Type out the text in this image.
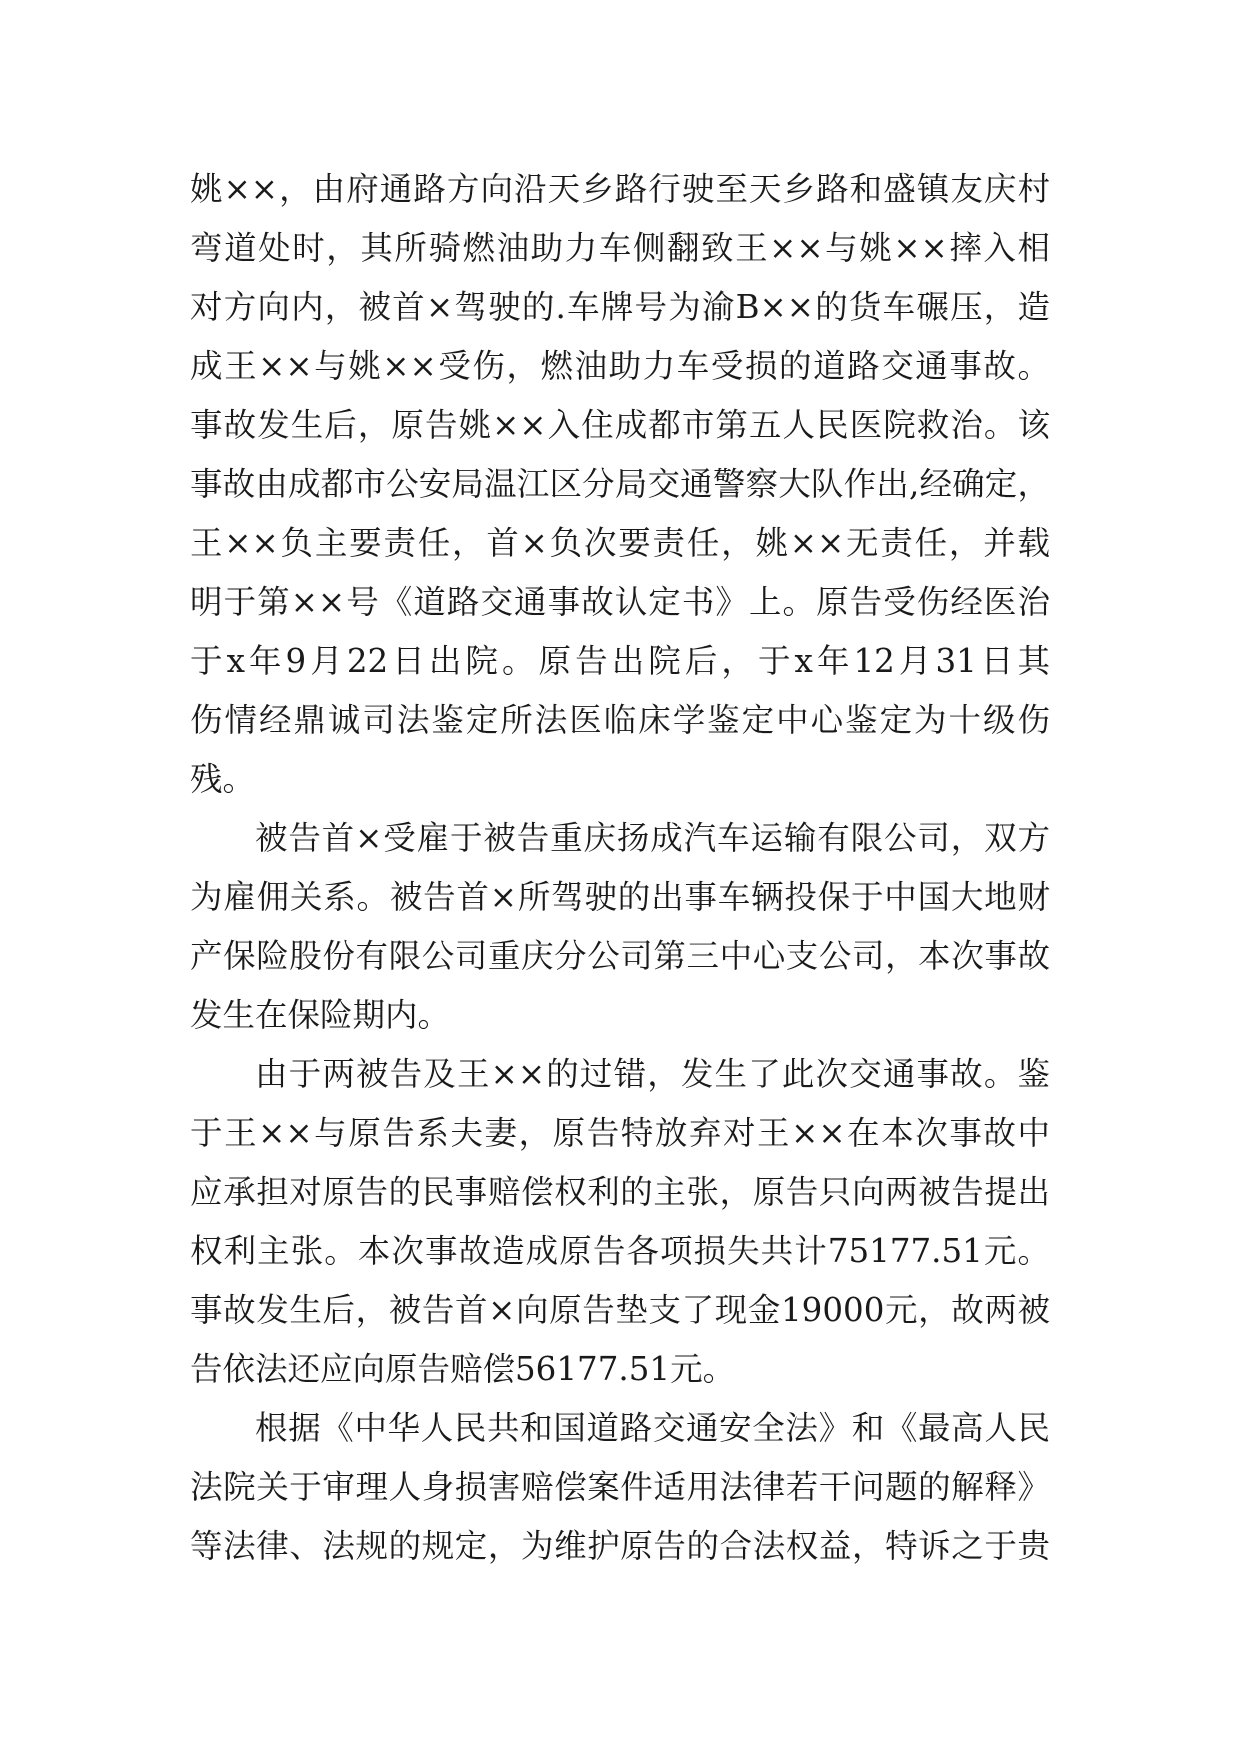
姚××，由府通路方向沿天乡路行驶至天乡路和盛镇友庆村
弯道处时，其所骑燃油助力车侧翻致王××与姚××摔入相
对方向内，被首×驾驶的.车牌号为渝B××的货车碾压，造
成王××与姚××受伤，燃油助力车受损的道路交通事故。
事故发生后，原告姚××入住成都市第五人民医院救治。该
事故由成都市公安局温江区分局交通警察大队作出,经确定，
王××负主要责任，首×负次要责任，姚××无责任，并载
明于第××号《道路交通事故认定书》上。原告受伤经医治
于x年9月22日出院。原告出院后，于x年12月31日其
伤情经鼎诚司法鉴定所法医临床学鉴定中心鉴定为十级伤
残。
被告首×受雇于被告重庆扬成汽车运输有限公司，双方
为雇佣关系。被告首×所驾驶的出事车辆投保于中国大地财
产保险股份有限公司重庆分公司第三中心支公司，本次事故
发生在保险期内。
由于两被告及王××的过错，发生了此次交通事故。鉴
于王××与原告系夫妻，原告特放弃对王××在本次事故中
应承担对原告的民事赔偿权利的主张，原告只向两被告提出
权利主张。本次事故造成原告各项损失共计75177.51元。
事故发生后，被告首×向原告垫支了现金19000元，故两被
告依法还应向原告赔偿56177.51元。
根据《中华人民共和国道路交通安全法》和《最高人民
法院关于审理人身损害赔偿案件适用法律若干问题的解释》
等法律、法规的规定，为维护原告的合法权益，特诉之于贵
